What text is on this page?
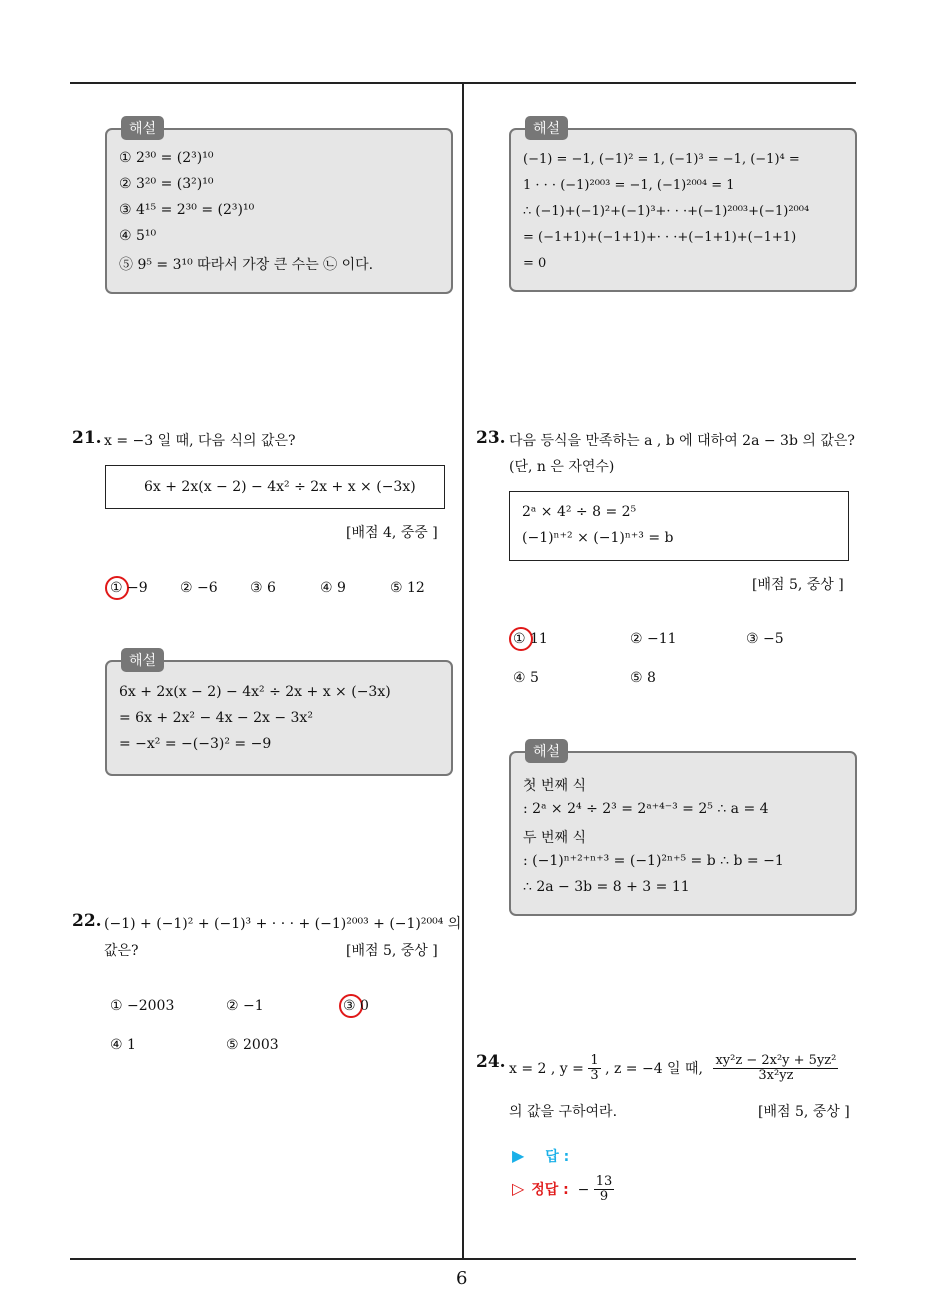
해설
① 2³⁰ = (2³)¹⁰
② 3²⁰ = (3²)¹⁰
③ 4¹⁵ = 2³⁰ = (2³)¹⁰
④ 5¹⁰
⑤ 9⁵ = 3¹⁰ 따라서 가장 큰 수는 ㉡ 이다.
21. x = −3 일 때, 다음 식의 값은?
6x + 2x(x − 2) − 4x² ÷ 2x + x × (−3x)
[배점 4, 중중 ]
① −9 ② −6 ③ 6	④ 9	⑤ 12
해설
6x + 2x(x − 2) − 4x² ÷ 2x + x × (−3x)
= 6x + 2x² − 4x − 2x − 3x²
= −x² = −(−3)² = −9
22. (−1) + (−1)² + (−1)³ + · · · + (−1)²⁰⁰³ + (−1)²⁰⁰⁴ 의
값은?	[배점 5, 중상 ]
① −2003	② −1	③ 0
④ 1	⑤ 2003
해설
(−1) = −1, (−1)² = 1, (−1)³ = −1, (−1)⁴ =
1 · · · (−1)²⁰⁰³ = −1, (−1)²⁰⁰⁴ = 1
∴ (−1)+(−1)²+(−1)³+· · ·+(−1)²⁰⁰³+(−1)²⁰⁰⁴
= (−1+1)+(−1+1)+· · ·+(−1+1)+(−1+1)
= 0
23. 다음 등식을 만족하는 a , b 에 대하여 2a − 3b 의 값은?
(단, n 은 자연수)
2ᵃ × 4² ÷ 8 = 2⁵
(−1)ⁿ⁺² × (−1)ⁿ⁺³ = b
[배점 5, 중상 ]
① 11	② −11	③ −5
④ 5	⑤ 8
해설
첫 번째 식
: 2ᵃ × 2⁴ ÷ 2³ = 2ᵃ⁺⁴⁻³ = 2⁵ ∴ a = 4
두 번째 식
: (−1)ⁿ⁺²⁺ⁿ⁺³ = (−1)²ⁿ⁺⁵ = b ∴ b = −1
∴ 2a − 3b = 8 + 3 = 11
24. x = 2 , $y = \frac{1}{3}$ , z = −4 일 때, $\frac{\text{xy²z − 2x²y + 5yz²}}{\text{3x²yz}}$
의 값을 구하여라.	[배점 5, 중상 ]
▶ 답 :
▷ 정답 : − $\frac{13}{9}$
6
